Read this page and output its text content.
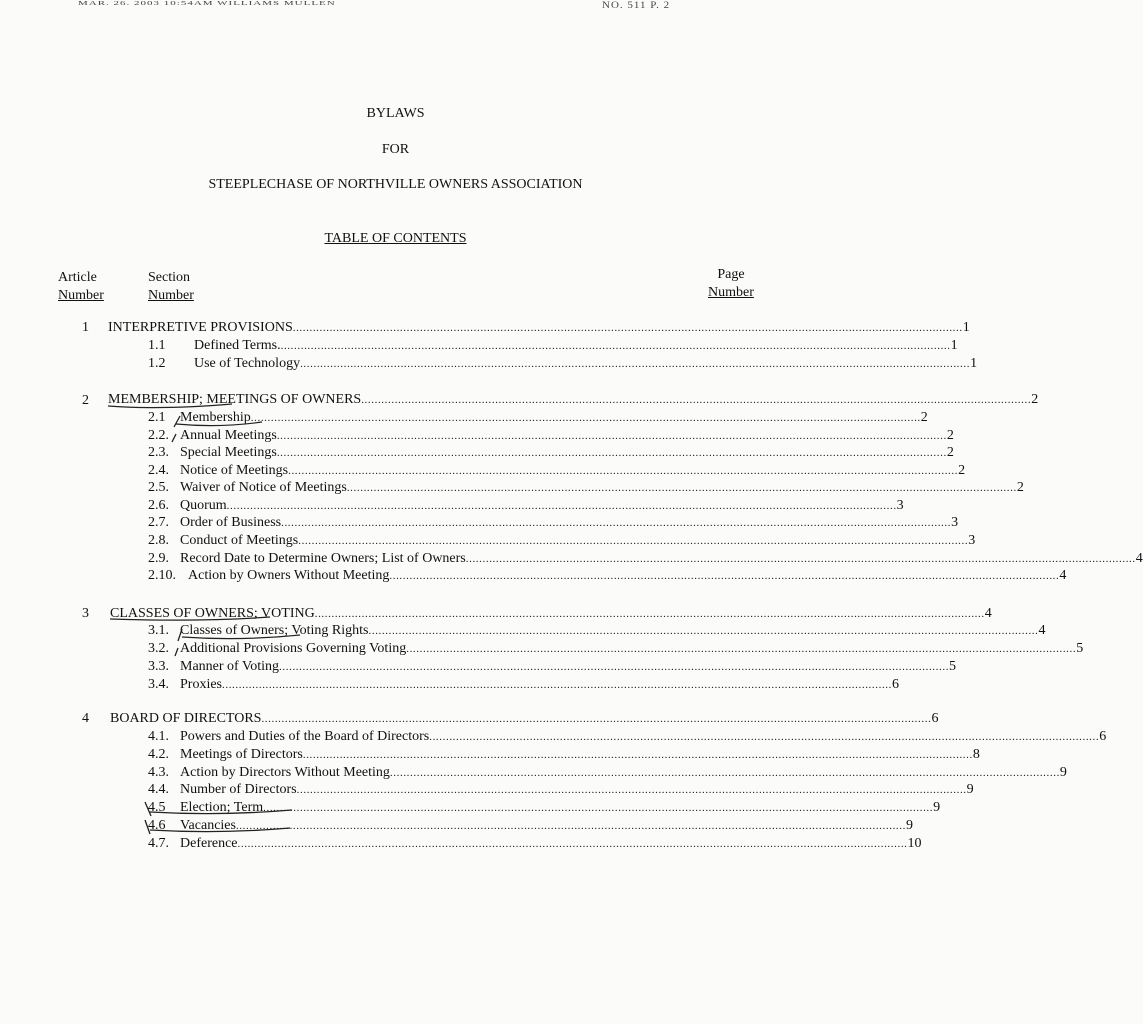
MAR. 26. 2003 10:54AM WILLIAMS MULLEN	NO. 511 P. 2
BYLAWS
FOR
STEEPLECHASE OF NORTHVILLE OWNERS ASSOCIATION
TABLE OF CONTENTS
Article
Number
Section
Number
Page
Number
1 INTERPRETIVE PROVISIONS ........................................................................................................................................................................................................ 1
1.1	Defined Terms. ........................................................................................................................................................................................................ 1
1.2	Use of Technology ........................................................................................................................................................................................................ 1
2 MEMBERSHIP; MEETINGS OF OWNERS ........................................................................................................................................................................................................ 2
2.1	Membership ........................................................................................................................................................................................................ 2
2.2. Annual Meetings ........................................................................................................................................................................................................ 2
2.3. Special Meetings ........................................................................................................................................................................................................ 2
2.4. Notice of Meetings ........................................................................................................................................................................................................ 2
2.5. Waiver of Notice of Meetings ........................................................................................................................................................................................................ 2
2.6. Quorum ........................................................................................................................................................................................................ 3
2.7. Order of Business ........................................................................................................................................................................................................ 3
2.8. Conduct of Meetings ........................................................................................................................................................................................................ 3
2.9. Record Date to Determine Owners; List of Owners ........................................................................................................................................................................................................ 4
2.10. Action by Owners Without Meeting ........................................................................................................................................................................................................ 4
3 CLASSES OF OWNERS; VOTING ........................................................................................................................................................................................................ 4
3.1. Classes of Owners; Voting Rights ........................................................................................................................................................................................................ 4
3.2. Additional Provisions Governing Voting ........................................................................................................................................................................................................ 5
3.3. Manner of Voting ........................................................................................................................................................................................................ 5
3.4. Proxies ........................................................................................................................................................................................................ 6
4 BOARD OF DIRECTORS ........................................................................................................................................................................................................ 6
4.1. Powers and Duties of the Board of Directors ........................................................................................................................................................................................................ 6
4.2. Meetings of Directors ........................................................................................................................................................................................................ 8
4.3. Action by Directors Without Meeting ........................................................................................................................................................................................................ 9
4.4. Number of Directors ........................................................................................................................................................................................................ 9
4.5	Election; Term ........................................................................................................................................................................................................ 9
4.6	Vacancies ........................................................................................................................................................................................................ 9
4.7. Deference ........................................................................................................................................................................................................ 10
